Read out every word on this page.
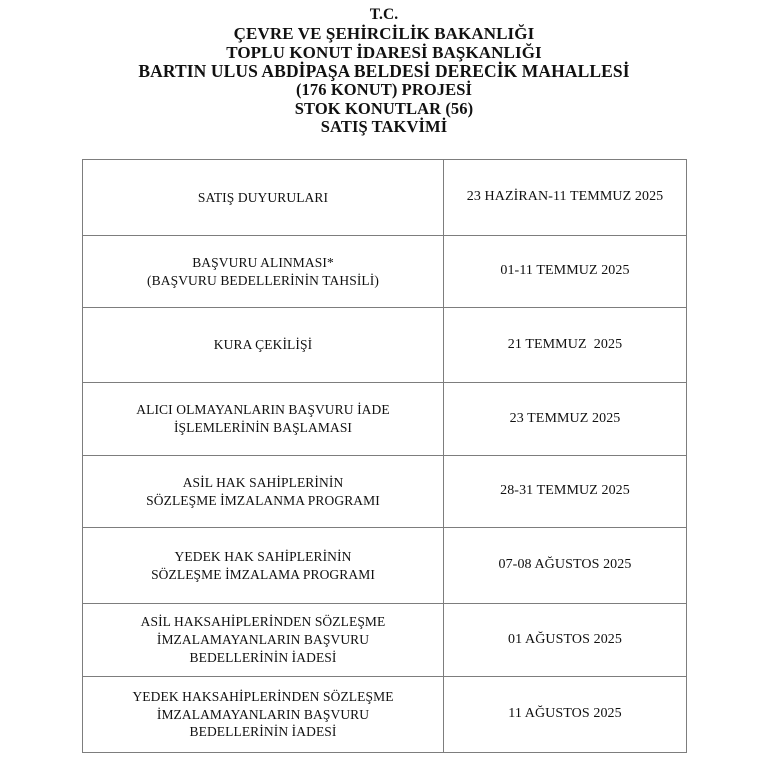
T.C.
ÇEVRE VE ŞEHİRCİLİK BAKANLIĞI
TOPLU KONUT İDARESİ BAŞKANLIĞI
BARTIN ULUS ABDİPAŞA BELDESİ DERECİK MAHALLESİ
(176 KONUT) PROJESİ
STOK KONUTLAR (56)
SATIŞ TAKVİMİ
SATIŞ DUYURULARI	23 HAZİRAN-11 TEMMUZ 2025

BAŞVURU ALINMASI*
(BAŞVURU BEDELLERİNİN TAHSİLİ)	01-11 TEMMUZ 2025

KURA ÇEKİLİŞİ	21 TEMMUZ  2025

ALICI OLMAYANLARIN BAŞVURU İADE
İŞLEMLERİNİN BAŞLAMASI	23 TEMMUZ 2025

ASİL HAK SAHİPLERİNİN
SÖZLEŞME İMZALANMA PROGRAMI	28-31 TEMMUZ 2025

YEDEK HAK SAHİPLERİNİN
SÖZLEŞME İMZALAMA PROGRAMI	07-08 AĞUSTOS 2025

ASİL HAKSAHİPLERİNDEN SÖZLEŞME
İMZALAMAYANLARIN BAŞVURU
BEDELLERİNİN İADESİ	01 AĞUSTOS 2025

YEDEK HAKSAHİPLERİNDEN SÖZLEŞME
İMZALAMAYANLARIN BAŞVURU
BEDELLERİNİN İADESİ	11 AĞUSTOS 2025
